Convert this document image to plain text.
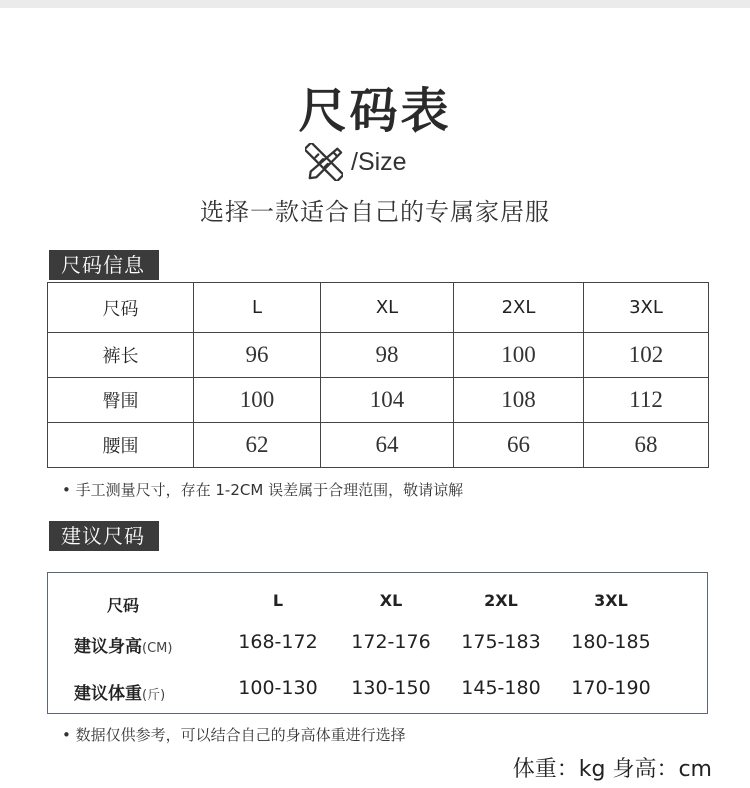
尺码表
/Size
选择一款适合自己的专属家居服
尺码信息
尺码	L	XL	2XL	3XL
裤长	96	98	100	102
臀围	100	104	108	112
腰围	62	64	66	68
• 手工测量尺寸，存在 1-2CM 误差属于合理范围，敬请谅解
建议尺码
尺码	L	XL	2XL	3XL
建议身高(CM)	168-172	172-176	175-183	180-185
建议体重(斤)	100-130	130-150	145-180	170-190
• 数据仅供参考，可以结合自己的身高体重进行选择
体重：kg 身高：cm
